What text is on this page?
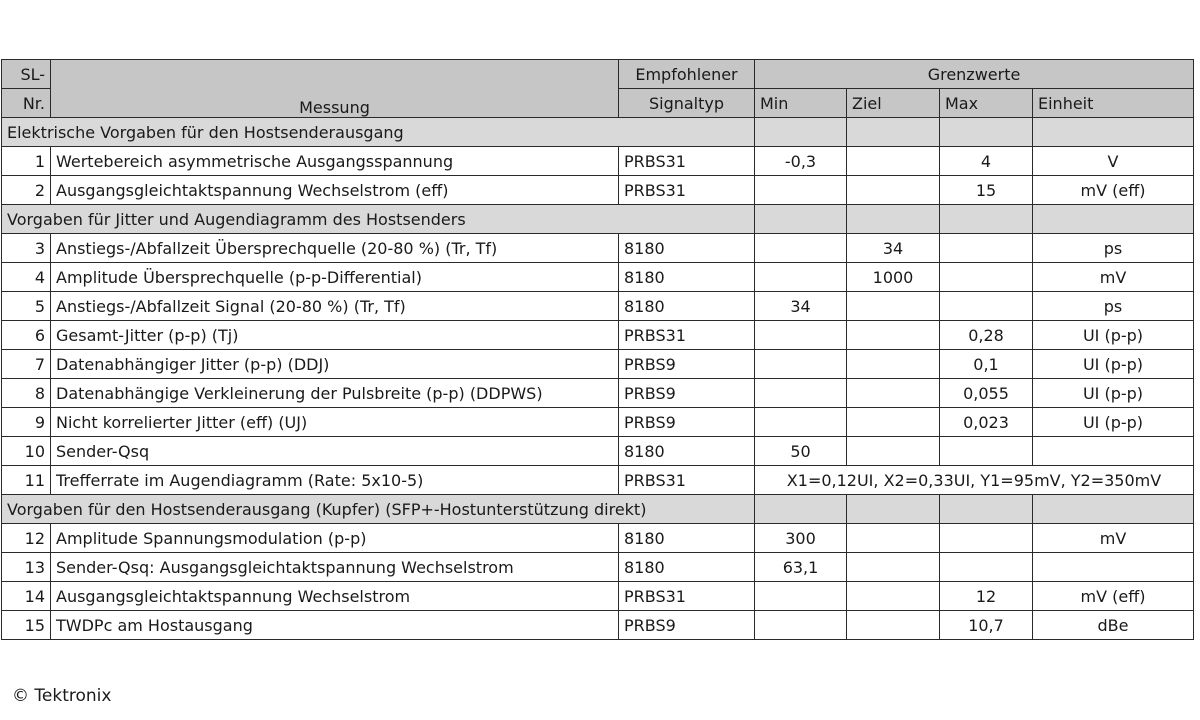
SL-	Messung	Empfohlener	Grenzwerte			
Nr.		Signaltyp	Min	Ziel	Max	Einheit
Elektrische Vorgaben für den Hostsenderausgang						
1	Wertebereich asymmetrische Ausgangsspannung	PRBS31	-0,3		4	V
2	Ausgangsgleichtaktspannung Wechselstrom (eff)	PRBS31			15	mV (eff)
Vorgaben für Jitter und Augendiagramm des Hostsenders						
3	Anstiegs-/Abfallzeit Übersprechquelle (20-80 %) (Tr, Tf)	8180		34		ps
4	Amplitude Übersprechquelle (p-p-Differential)	8180		1000		mV
5	Anstiegs-/Abfallzeit Signal (20-80 %) (Tr, Tf)	8180	34			ps
6	Gesamt-Jitter (p-p) (Tj)	PRBS31			0,28	UI (p-p)
7	Datenabhängiger Jitter (p-p) (DDJ)	PRBS9			0,1	UI (p-p)
8	Datenabhängige Verkleinerung der Pulsbreite (p-p) (DDPWS)	PRBS9			0,055	UI (p-p)
9	Nicht korrelierter Jitter (eff) (UJ)	PRBS9			0,023	UI (p-p)
10	Sender-Qsq	8180	50			
11	Trefferrate im Augendiagramm (Rate: 5x10-5)	PRBS31	X1=0,12UI, X2=0,33UI, Y1=95mV, Y2=350mV			
Vorgaben für den Hostsenderausgang (Kupfer) (SFP+-Hostunterstützung direkt)						
12	Amplitude Spannungsmodulation (p-p)	8180	300			mV
13	Sender-Qsq: Ausgangsgleichtaktspannung Wechselstrom	8180	63,1			
14	Ausgangsgleichtaktspannung Wechselstrom	PRBS31			12	mV (eff)
15	TWDPc am Hostausgang	PRBS9			10,7	dBe
© Tektronix
